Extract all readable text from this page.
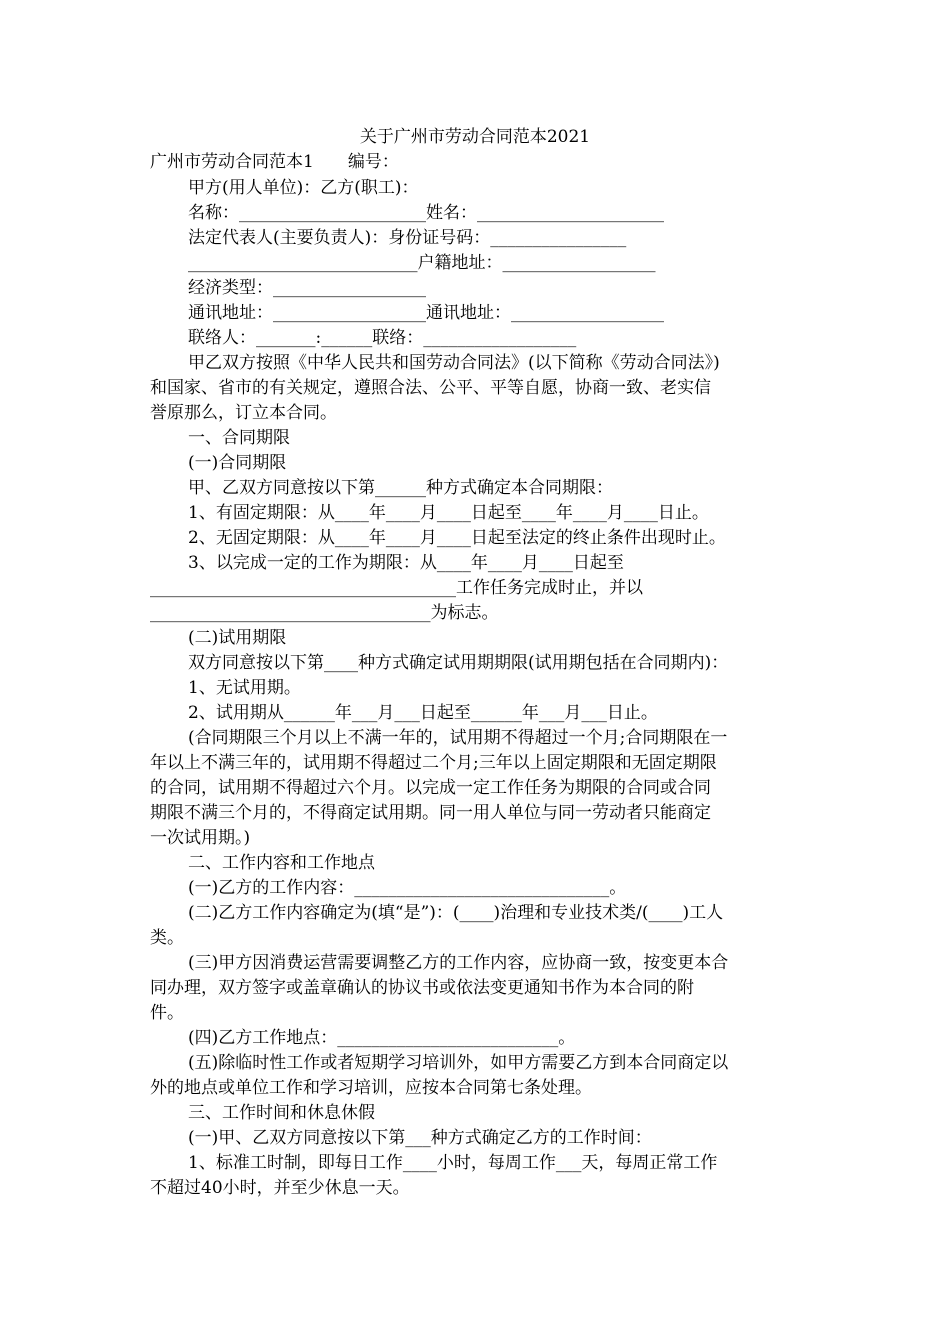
关于广州市劳动合同范本2021
广州市劳动合同范本1　　编号：
甲方(用人单位)：乙方(职工)：
名称：______________________姓名：______________________
法定代表人(主要负责人)：身份证号码：________________
___________________________户籍地址：__________________
经济类型：__________________
通讯地址：__________________通讯地址：__________________
联络人：_______:______联络：__________________
甲乙双方按照《中华人民共和国劳动合同法》(以下简称《劳动合同法》)
和国家、省市的有关规定，遵照合法、公平、平等自愿，协商一致、老实信
誉原那么，订立本合同。
一、合同期限
(一)合同期限
甲、乙双方同意按以下第______种方式确定本合同期限：
1、有固定期限：从____年____月____日起至____年____月____日止。
2、无固定期限：从____年____月____日起至法定的终止条件出现时止。
3、以完成一定的工作为期限：从____年____月____日起至
____________________________________工作任务完成时止，并以
_________________________________为标志。
(二)试用期限
双方同意按以下第____种方式确定试用期期限(试用期包括在合同期内)：
1、无试用期。
2、试用期从______年___月___日起至______年___月___日止。
(合同期限三个月以上不满一年的，试用期不得超过一个月;合同期限在一
年以上不满三年的，试用期不得超过二个月;三年以上固定期限和无固定期限
的合同，试用期不得超过六个月。以完成一定工作任务为期限的合同或合同
期限不满三个月的，不得商定试用期。同一用人单位与同一劳动者只能商定
一次试用期。)
二、工作内容和工作地点
(一)乙方的工作内容：______________________________。
(二)乙方工作内容确定为(填“是”)：(____)治理和专业技术类/(____)工人
类。
(三)甲方因消费运营需要调整乙方的工作内容，应协商一致，按变更本合
同办理，双方签字或盖章确认的协议书或依法变更通知书作为本合同的附
件。
(四)乙方工作地点：__________________________。
(五)除临时性工作或者短期学习培训外，如甲方需要乙方到本合同商定以
外的地点或单位工作和学习培训，应按本合同第七条处理。
三、工作时间和休息休假
(一)甲、乙双方同意按以下第___种方式确定乙方的工作时间：
1、标准工时制，即每日工作____小时，每周工作___天，每周正常工作
不超过40小时，并至少休息一天。
